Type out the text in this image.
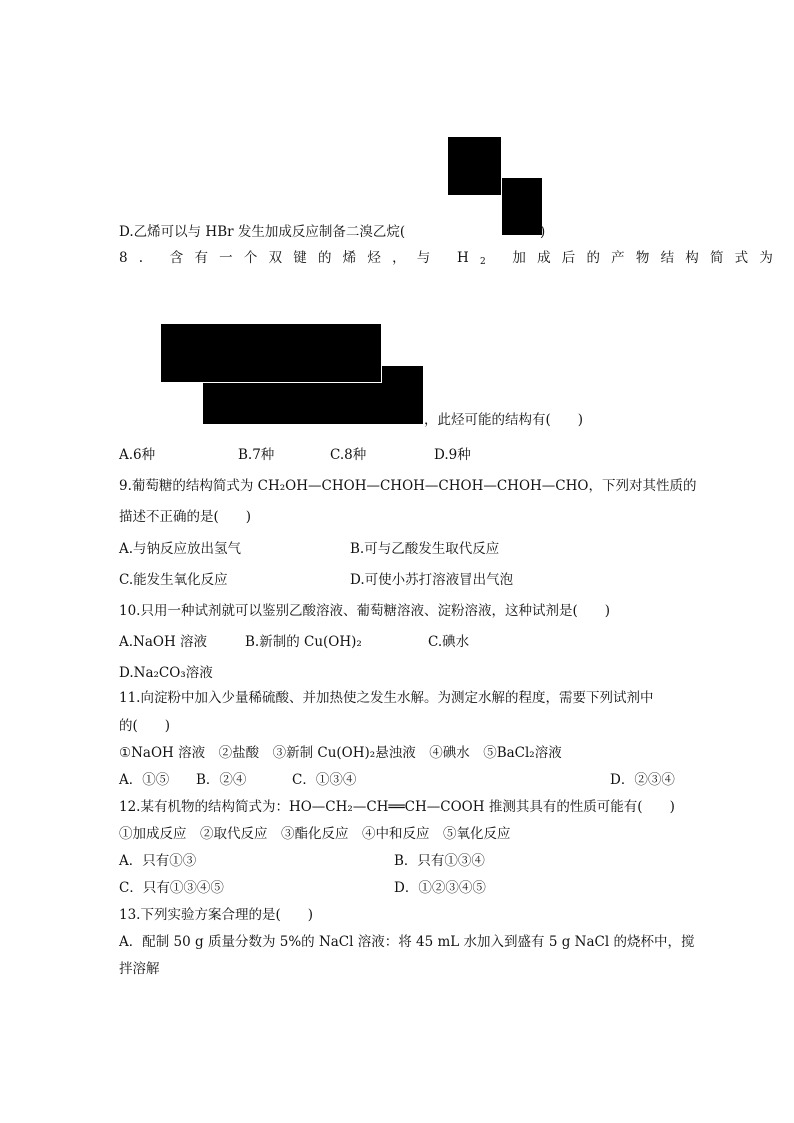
D.乙烯可以与 HBr 发生加成反应制备二溴乙烷(	)
8. 含有一个双键的烯烃，与 $H_2$ 加成后的产物结构简式为
，此烃可能的结构有(　　)
A.6种	B.7种	C.8种	D.9种
9.葡萄糖的结构简式为 CH₂OH—CHOH—CHOH—CHOH—CHOH—CHO，下列对其性质的
描述不正确的是(　　)
A.与钠反应放出氢气	B.可与乙酸发生取代反应
C.能发生氧化反应	D.可使小苏打溶液冒出气泡
10.只用一种试剂就可以鉴别乙酸溶液、葡萄糖溶液、淀粉溶液，这种试剂是(　　)
A.NaOH 溶液	B.新制的 Cu(OH)₂	C.碘水
D.Na₂CO₃溶液
11.向淀粉中加入少量稀硫酸、并加热使之发生水解。为测定水解的程度，需要下列试剂中
的(　　)
①NaOH 溶液　②盐酸　③新制 Cu(OH)₂悬浊液　④碘水　⑤BaCl₂溶液
A．①⑤ B．②④	C．①③④	D．②③④
12.某有机物的结构简式为：HO—CH₂—CH══CH—COOH 推测其具有的性质可能有(　　)
①加成反应　②取代反应　③酯化反应　④中和反应　⑤氧化反应
A．只有①③	B．只有①③④
C．只有①③④⑤	D．①②③④⑤
13.下列实验方案合理的是(　　)
A．配制 50 g 质量分数为 5%的 NaCl 溶液：将 45 mL 水加入到盛有 5 g NaCl 的烧杯中，搅
拌溶解
